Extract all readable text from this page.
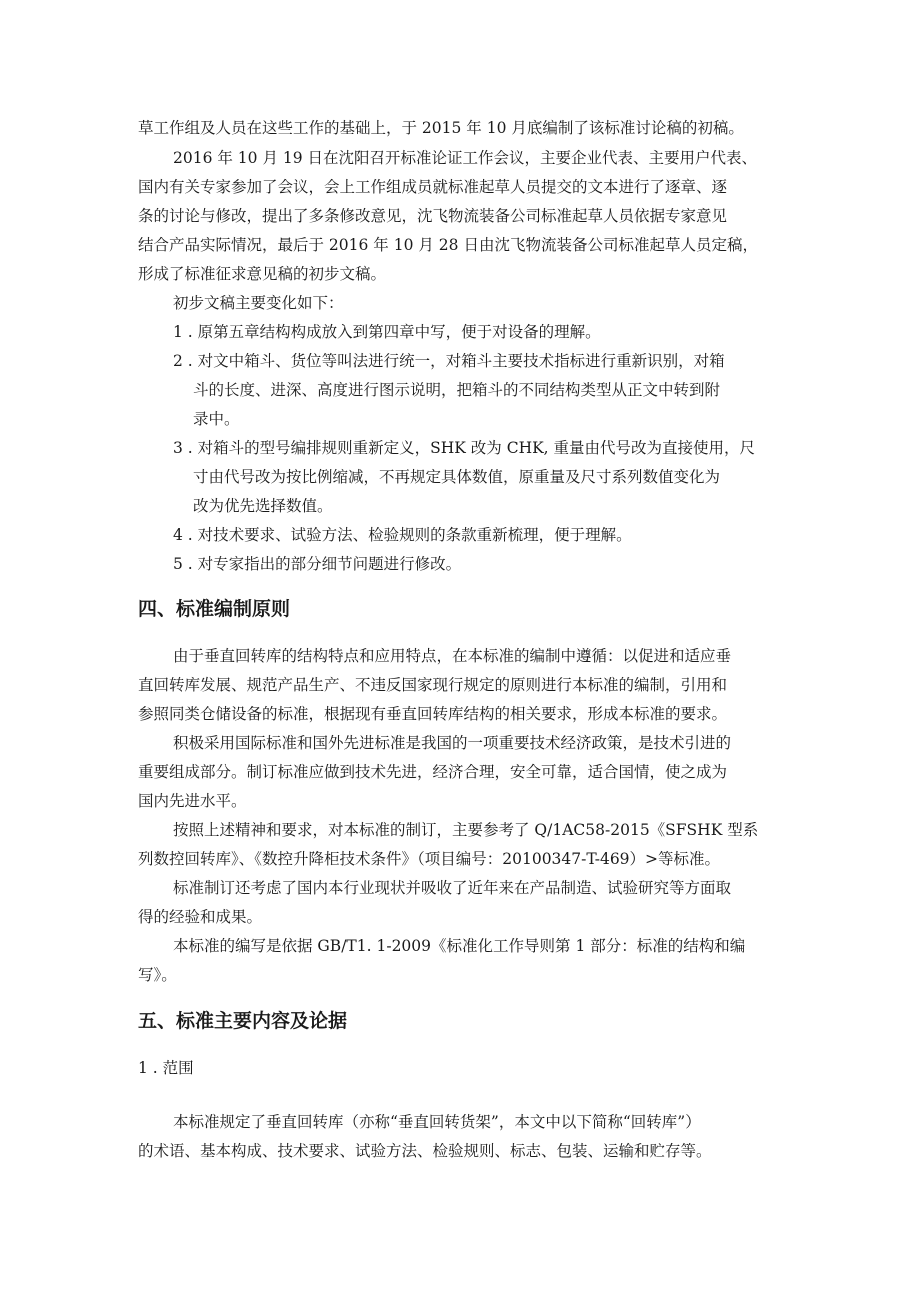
草工作组及人员在这些工作的基础上，于 2015 年 10 月底编制了该标准讨论稿的初稿。

2016 年 10 月 19 日在沈阳召开标准论证工作会议，主要企业代表、主要用户代表、

国内有关专家参加了会议，会上工作组成员就标准起草人员提交的文本进行了逐章、逐

条的讨论与修改，提出了多条修改意见，沈飞物流装备公司标准起草人员依据专家意见

结合产品实际情况，最后于 2016 年 10 月 28 日由沈飞物流装备公司标准起草人员定稿，

形成了标准征求意见稿的初步文稿。

初步文稿主要变化如下：

1 . 原第五章结构构成放入到第四章中写，便于对设备的理解。

2 . 对文中箱斗、货位等叫法进行统一，对箱斗主要技术指标进行重新识别，对箱

斗的长度、进深、高度进行图示说明，把箱斗的不同结构类型从正文中转到附

录中。

3 . 对箱斗的型号编排规则重新定义，SHK 改为 CHK, 重量由代号改为直接使用，尺

寸由代号改为按比例缩减，不再规定具体数值，原重量及尺寸系列数值变化为

改为优先选择数值。

4 . 对技术要求、试验方法、检验规则的条款重新梳理，便于理解。

5 . 对专家指出的部分细节问题进行修改。

四、标准编制原则

由于垂直回转库的结构特点和应用特点，在本标准的编制中遵循：以促进和适应垂

直回转库发展、规范产品生产、不违反国家现行规定的原则进行本标准的编制，引用和

参照同类仓储设备的标准，根据现有垂直回转库结构的相关要求，形成本标准的要求。

积极采用国际标准和国外先进标准是我国的一项重要技术经济政策，是技术引进的

重要组成部分。制订标准应做到技术先进，经济合理，安全可靠，适合国情，使之成为

国内先进水平。

按照上述精神和要求，对本标准的制订，主要参考了 Q/1AC58-2015《SFSHK 型系

列数控回转库》、《数控升降柜技术条件》（项目编号：20100347-T-469）>等标准。

标准制订还考虑了国内本行业现状并吸收了近年来在产品制造、试验研究等方面取

得的经验和成果。

本标准的编写是依据 GB/T1. 1-2009《标准化工作导则第 1 部分：标准的结构和编

写》。

五、标准主要内容及论据

1 . 范围

本标准规定了垂直回转库（亦称“垂直回转货架”，本文中以下简称“回转库”）

的术语、基本构成、技术要求、试验方法、检验规则、标志、包装、运输和贮存等。
